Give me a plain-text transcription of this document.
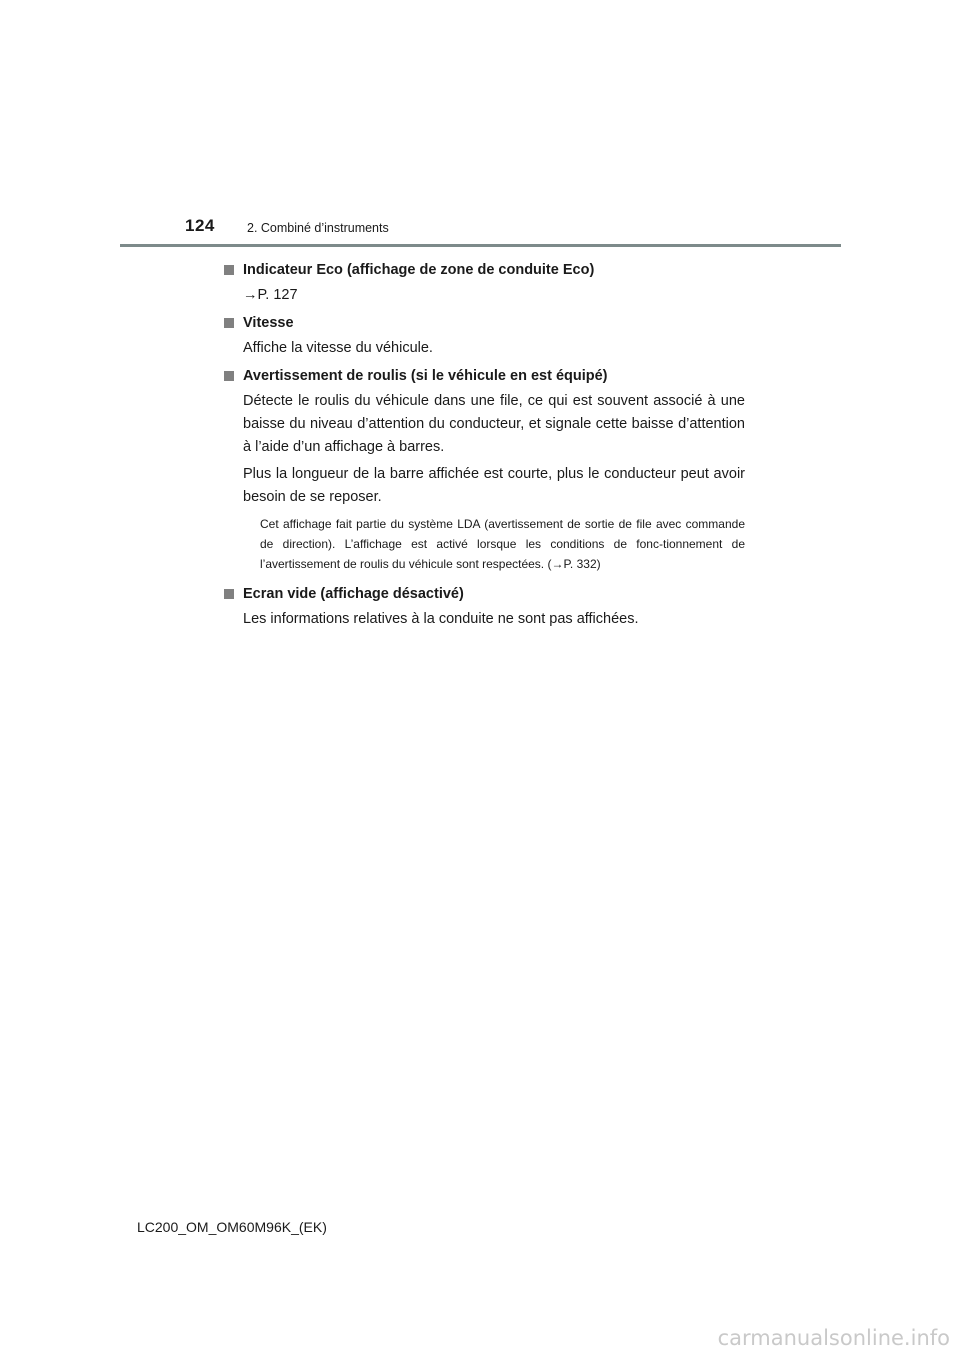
124	2. Combiné d’instruments
Indicateur Eco (affichage de zone de conduite Eco)
→P. 127
Vitesse
Affiche la vitesse du véhicule.
Avertissement de roulis (si le véhicule en est équipé)
Détecte le roulis du véhicule dans une file, ce qui est souvent associé à une baisse du niveau d’attention du conducteur, et signale cette baisse d’attention à l’aide d’un affichage à barres.
Plus la longueur de la barre affichée est courte, plus le conducteur peut avoir besoin de se reposer.
Cet affichage fait partie du système LDA (avertissement de sortie de file avec commande de direction). L’affichage est activé lorsque les conditions de fonc-tionnement de l’avertissement de roulis du véhicule sont respectées. (→P. 332)
Ecran vide (affichage désactivé)
Les informations relatives à la conduite ne sont pas affichées.
LC200_OM_OM60M96K_(EK)
carmanualsonline.info
